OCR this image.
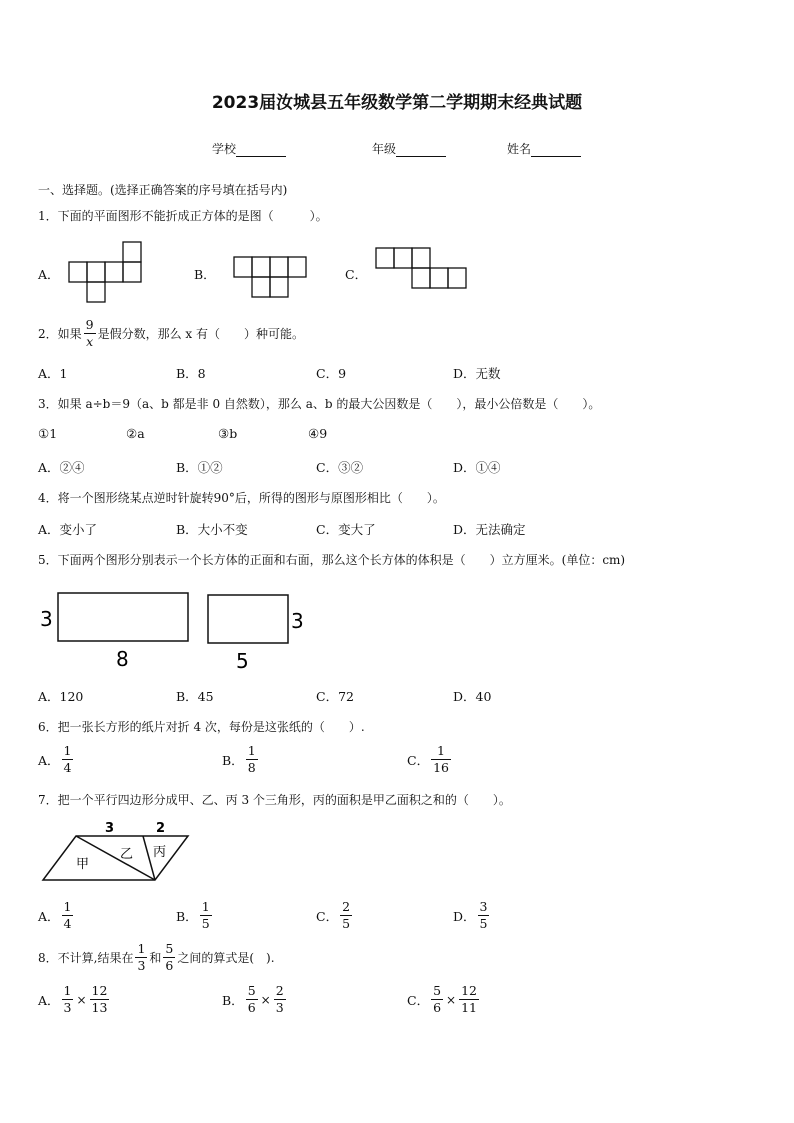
2023届汝城县五年级数学第二学期期末经典试题
学校	年级	姓名
一、选择题。(选择正确答案的序号填在括号内)
1．下面的平面图形不能折成正方体的是图（　　　）。
A．	B．	C．
2．如果 $\frac{9}{x}$ 是假分数，那么 x 有（　　）种可能。
A．1	B．8	C．9	D．无数
3．如果 a÷b＝9（a、b 都是非 0 自然数），那么 a、b 的最大公因数是（　　），最小公倍数是（　　）。
①1	②a	③b	④9
A．②④	B．①②	C．③②	D．①④
4．将一个图形绕某点逆时针旋转90°后，所得的图形与原图形相比（　　）。
A．变小了	B．大小不变	C．变大了	D．无法确定
5．下面两个图形分别表示一个长方体的正面和右面，那么这个长方体的体积是（　　）立方厘米。(单位：cm)
3
8
3
5
A．120	B．45	C．72	D．40
6．把一张长方形的纸片对折 4 次，每份是这张纸的（　　）.
A． $\frac{1}{4}$	B． $\frac{1}{8}$	C． $\frac{1}{16}$
7．把一个平行四边形分成甲、乙、丙 3 个三角形，丙的面积是甲乙面积之和的（　　）。
3	2
甲
乙 丙
A． $\frac{1}{4}$	B． $\frac{1}{5}$	C． $\frac{2}{5}$	D． $\frac{3}{5}$
8．不计算,结果在 $\frac{1}{3}$ 和 $\frac{5}{6}$ 之间的算式是(　).
A． $\frac{1}{3} \times \frac{12}{13}$	B． $\frac{5}{6} \times \frac{2}{3}$	C． $\frac{5}{6} \times \frac{12}{11}$
